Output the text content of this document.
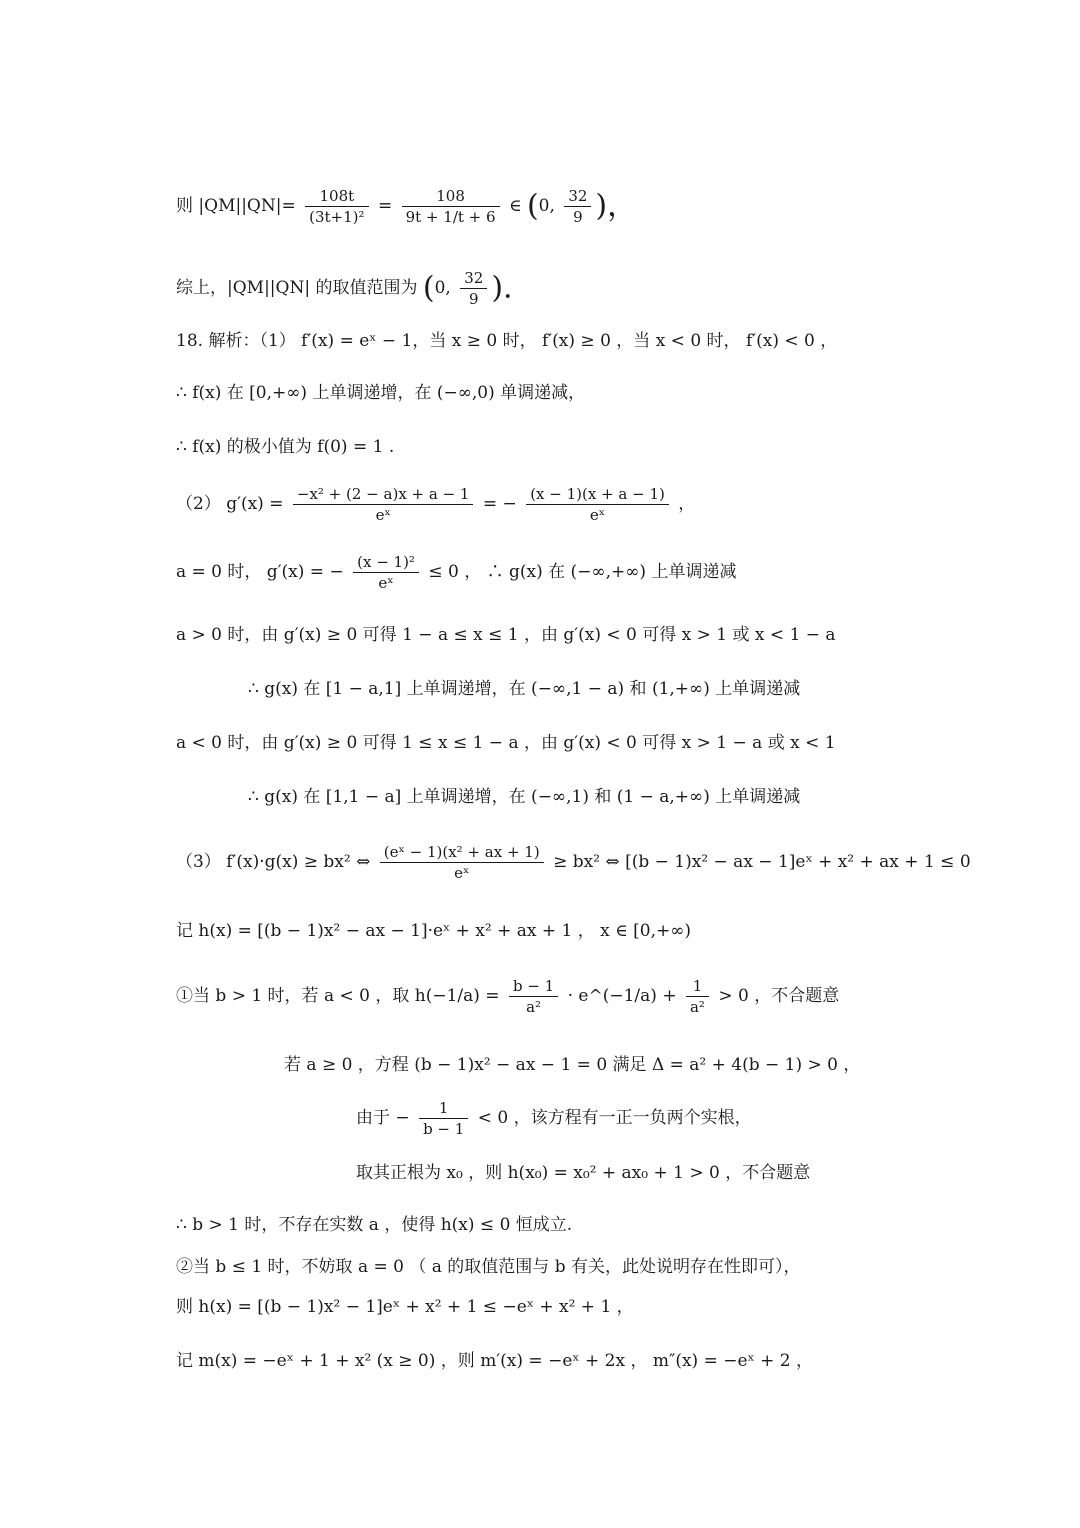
则 $|QM||QN|= \frac{108t}{\text{(3t+1)²}} = \frac{108}{9t + 1/t + 6}$ ∈ (0, $\frac{32}{9}$ )，
综上，|QM||QN| 的取值范围为 (0, $\frac{32}{9}$ ).
18. 解析：（1） f′(x) = eˣ − 1，当 x ≥ 0 时， f′(x) ≥ 0 ，当 x < 0 时， f′(x) < 0 ，
∴ f(x) 在 [0,+∞) 上单调递增，在 (−∞,0) 单调递减，
∴ f(x) 的极小值为 f(0) = 1 .
（2） $g'(x) = \frac{\text{−x² + (2 − a)x + a − 1}}{\text{eˣ}}$ = − $\frac{(x - 1)(x + a - 1)}{\text{eˣ}}$ ，
a = 0 时， g′(x) = − $\frac{\text{(x − 1)²}}{\text{eˣ}} \le 0$ ， ∴ g(x) 在 (−∞,+∞) 上单调递减
a > 0 时，由 g′(x) ≥ 0 可得 1 − a ≤ x ≤ 1 ，由 g′(x) < 0 可得 x > 1 或 x < 1 − a
∴ g(x) 在 [1 − a,1] 上单调递增，在 (−∞,1 − a) 和 (1,+∞) 上单调递减
a < 0 时，由 g′(x) ≥ 0 可得 1 ≤ x ≤ 1 − a ，由 g′(x) < 0 可得 x > 1 − a 或 x < 1
∴ g(x) 在 [1,1 − a] 上单调递增，在 (−∞,1) 和 (1 − a,+∞) 上单调递减
（3） f′(x)·g(x) ≥ bx² ⇔ $\frac{\text{(eˣ − 1)(x² + ax + 1)}}{\text{eˣ}} \ge bx^2$ ⇔ [(b − 1)x² − ax − 1]eˣ + x² + ax + 1 ≤ 0
记 h(x) = [(b − 1)x² − ax − 1]·eˣ + x² + ax + 1 ， x ∈ [0,+∞)
①当 b > 1 时，若 a < 0 ，取 $h(-1/a) = \frac{b - 1}{\text{a²}}$ · e^(−1/a) + $\frac{1}{\text{a²}} > 0$ ，不合题意
若 a ≥ 0 ，方程 (b − 1)x² − ax − 1 = 0 满足 Δ = a² + 4(b − 1) > 0 ，
由于 − $\frac{1}{b - 1} < 0$ ，该方程有一正一负两个实根，
取其正根为 x₀ ，则 h(x₀) = x₀² + ax₀ + 1 > 0 ，不合题意
∴ b > 1 时，不存在实数 a ，使得 h(x) ≤ 0 恒成立.
②当 b ≤ 1 时，不妨取 a = 0 （ a 的取值范围与 b 有关，此处说明存在性即可），
则 h(x) = [(b − 1)x² − 1]eˣ + x² + 1 ≤ −eˣ + x² + 1 ，
记 m(x) = −eˣ + 1 + x² (x ≥ 0) ，则 m′(x) = −eˣ + 2x ， m″(x) = −eˣ + 2 ，
